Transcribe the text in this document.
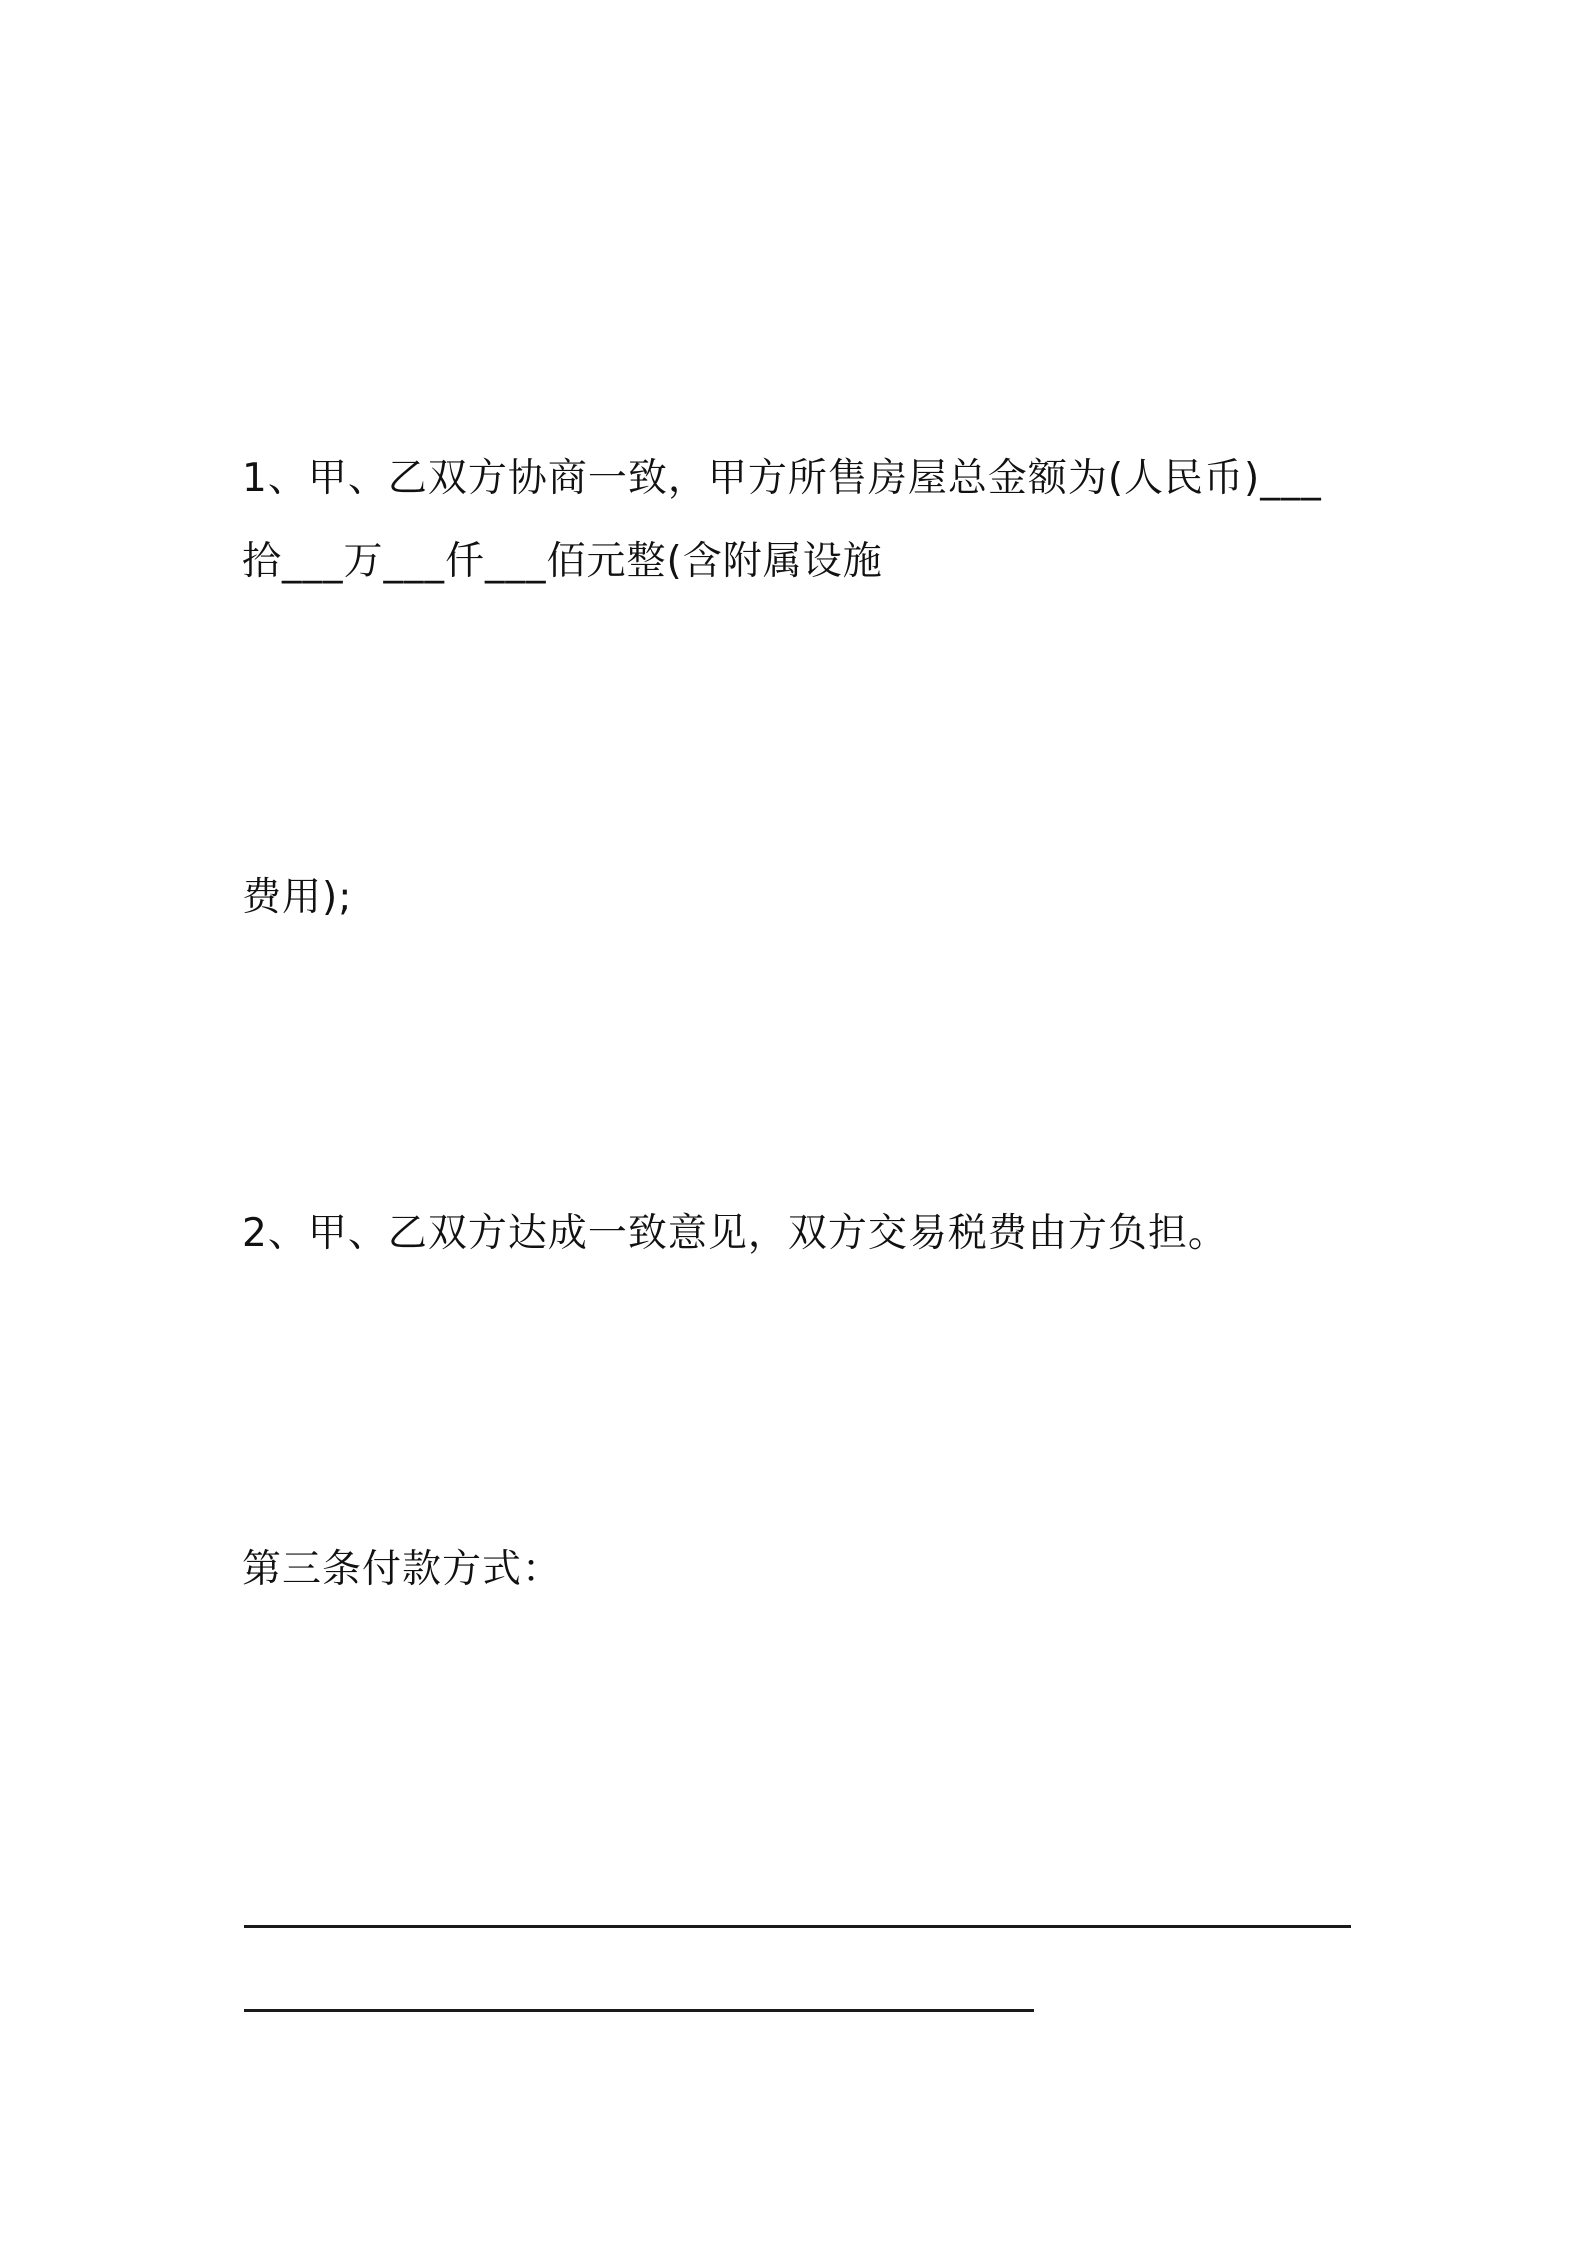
1、甲、乙双方协商一致，甲方所售房屋总金额为(人民币)___
拾___万___仟___佰元整(含附属设施
费用);
2、甲、乙双方达成一致意见，双方交易税费由方负担。
第三条付款方式：
